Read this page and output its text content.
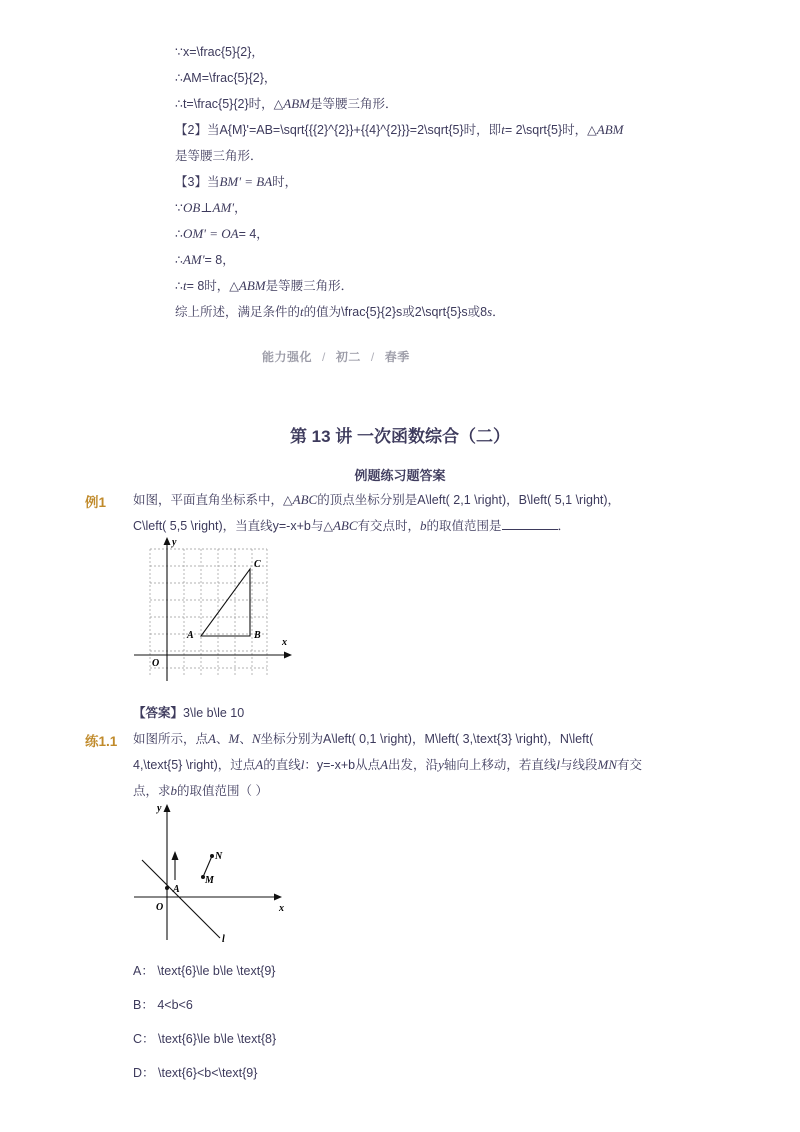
∵x=\frac{5}{2}，
∴AM=\frac{5}{2}，
∴t=\frac{5}{2}时，△ABM是等腰三角形．
【2】当A{M}'=AB=\sqrt{{{2}^{2}}+{{4}^{2}}}=2\sqrt{5}时，即t= 2\sqrt{5}时，△ABM
是等腰三角形．
【3】当BM' = BA时，
∵OB⊥AM'，
∴OM' = OA= 4，
∴AM'= 8，
∴t= 8时，△ABM是等腰三角形．
综上所述，满足条件的t的值为\frac{5}{2}s或2\sqrt{5}s或8s．
能力强化 / 初二 / 春季
第 13 讲 一次函数综合（二）
例题练习题答案
例1 如图，平面直角坐标系中，△ABC的顶点坐标分别是A\left( 2,1 \right)，B\left( 5,1 \right)，
C\left( 5,5 \right)，当直线y=-x+b与△ABC有交点时，b的取值范围是	．
y
x
O
A	B
C
【答案】3\le b\le 10
练1.1 如图所示，点A、M、N坐标分别为A\left( 0,1 \right)，M\left( 3,\text{3} \right)，N\left(
4,\text{5} \right)，过点A的直线l：y=-x+b从点A出发，沿y轴向上移动，若直线l与线段MN有交
点，求b的取值范围（ ）
y
x
O
A
M
N
l
A： \text{6}\le b\le \text{9}
B： 4<b<6
C： \text{6}\le b\le \text{8}
D： \text{6}<b<\text{9}
